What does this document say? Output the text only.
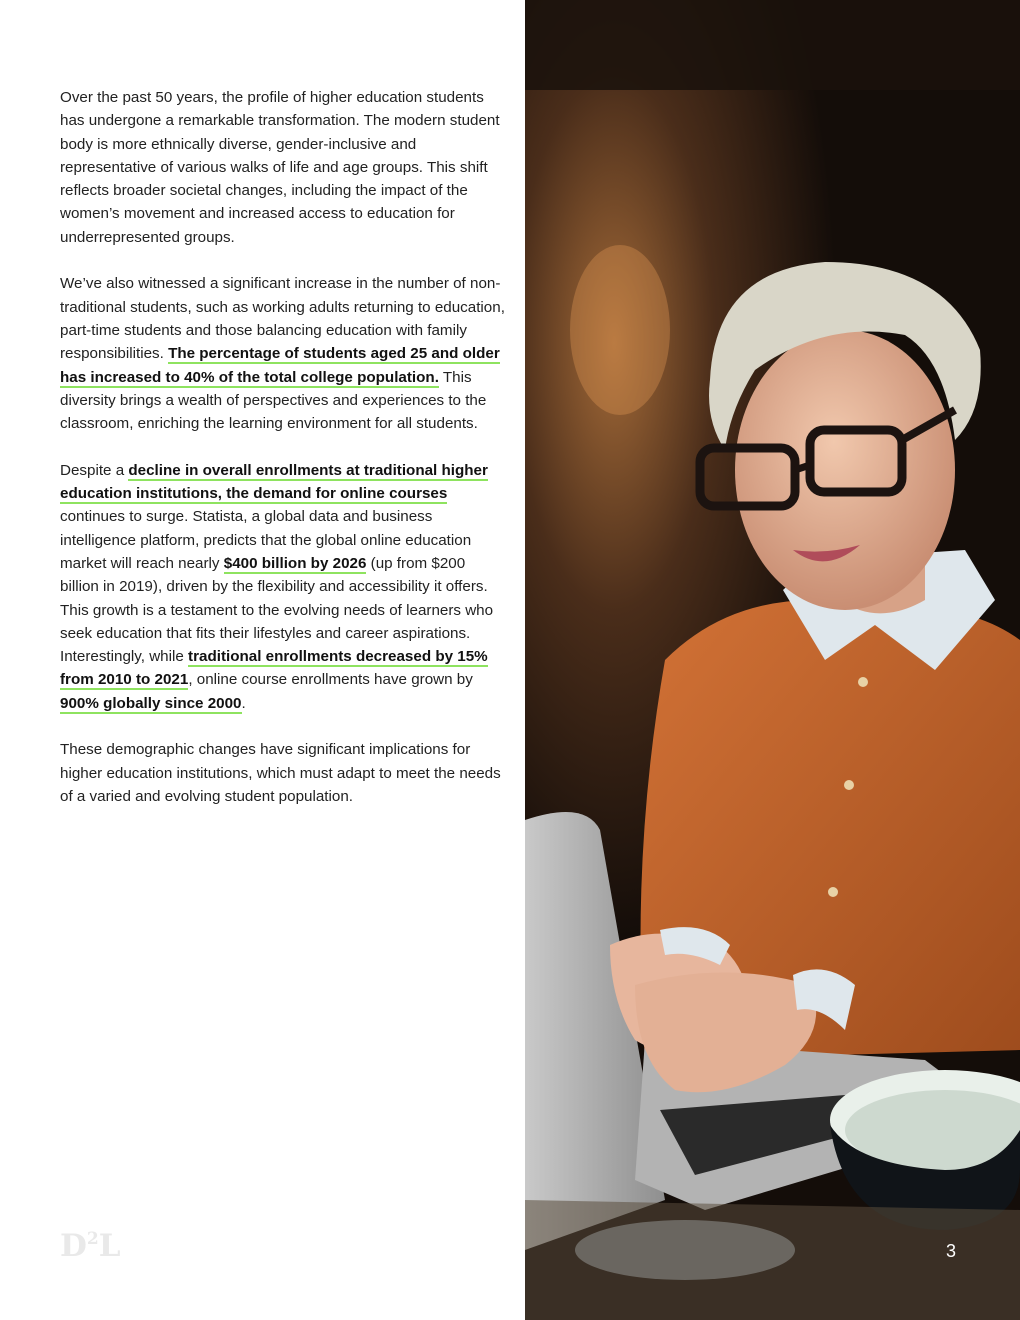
Over the past 50 years, the profile of higher education students has undergone a remarkable transformation. The modern student body is more ethnically diverse, gender-inclusive and representative of various walks of life and age groups. This shift reflects broader societal changes, including the impact of the women’s movement and increased access to education for underrepresented groups.

We’ve also witnessed a significant increase in the number of non-traditional students, such as working adults returning to education, part-time students and those balancing education with family responsibilities. The percentage of students aged 25 and older has increased to 40% of the total college population. This diversity brings a wealth of perspectives and experiences to the classroom, enriching the learning environment for all students.

Despite a decline in overall enrollments at traditional higher education institutions, the demand for online courses continues to surge. Statista, a global data and business intelligence platform, predicts that the global online education market will reach nearly $400 billion by 2026 (up from $200 billion in 2019), driven by the flexibility and accessibility it offers. This growth is a testament to the evolving needs of learners who seek education that fits their lifestyles and career aspirations. Interestingly, while traditional enrollments decreased by 15% from 2010 to 2021, online course enrollments have grown by 900% globally since 2000.

These demographic changes have significant implications for higher education institutions, which must adapt to meet the needs of a varied and evolving student population.

$D^2L$	3
